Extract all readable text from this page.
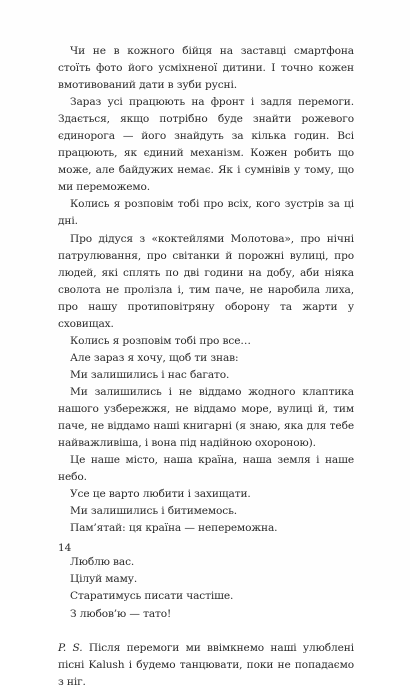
Чи не в кожного бійця на заставці смартфона стоїть фото його усміхненої дитини. І точно кожен вмотивований дати в зуби русні.

Зараз усі працюють на фронт і задля перемоги. Здається, якщо потрібно буде знайти рожевого єдинорога — його знайдуть за кілька годин. Всі працюють, як єдиний механізм. Кожен робить що може, але байдужих немає. Як і сумнівів у тому, що ми переможемо.

Колись я розповім тобі про всіх, кого зустрів за ці дні.

Про дідуся з «коктейлями Молотова», про нічні патрулювання, про світанки й порожні вулиці, про людей, які сплять по дві години на добу, аби ніяка сволота не пролізла і, тим паче, не наробила лиха, про нашу протиповітряну оборону та жарти у сховищах.

Колись я розповім тобі про все…

Але зараз я хочу, щоб ти знав:

Ми залишились і нас багато.

Ми залишились і не віддамо жодного клаптика нашого узбережжя, не віддамо море, вулиці й, тим паче, не віддамо наші книгарні (я знаю, яка для тебе найважливіша, і вона під надійною охороною).

Це наше місто, наша країна, наша земля і наше небо.

Усе це варто любити і захищати.

Ми залишились і битимемось.

Пам’ятай: ця країна — непереможна.

Люблю вас.

Цілуй маму.

Старатимусь писати частіше.

З любов’ю — тато!

P. S. Після перемоги ми ввімкнемо наші улюблені пісні Kalush і будемо танцювати, поки не попадаємо з ніг.

14
